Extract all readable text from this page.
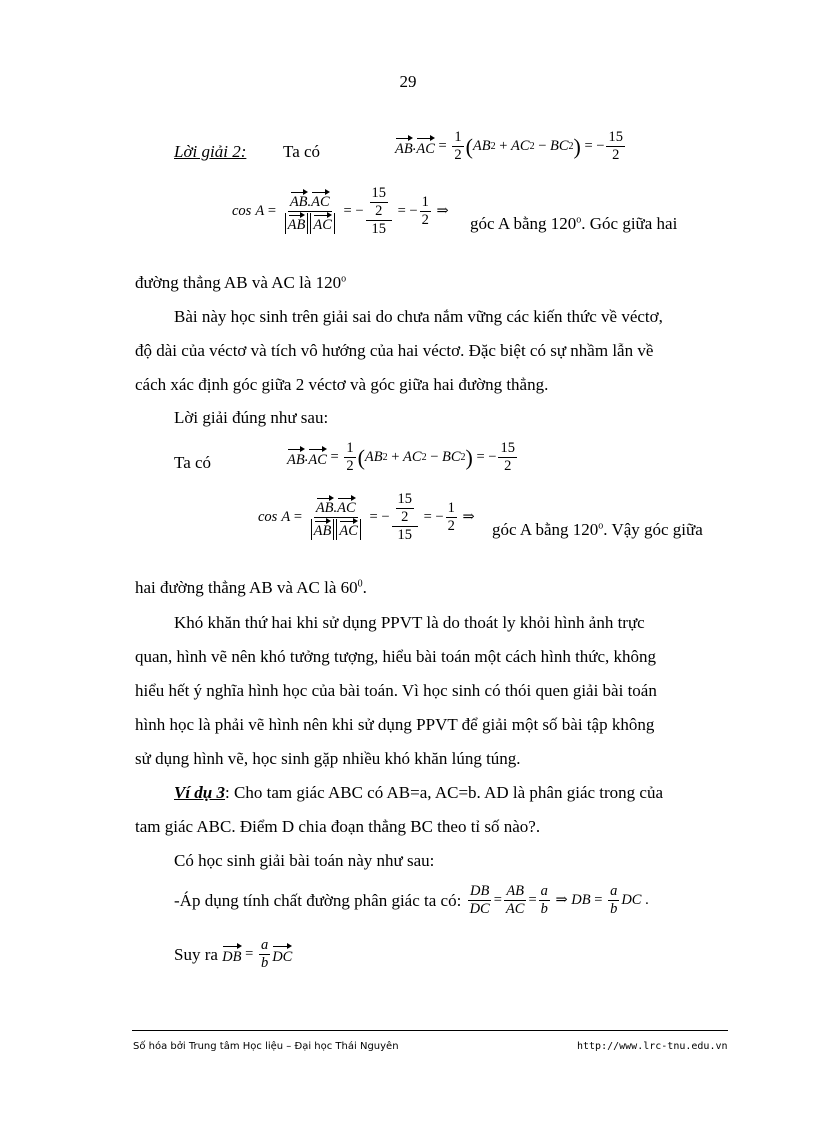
29
Lời giải 2: Ta có	AB . AC = $\frac{1}{2}$ ( AB 2 + AC 2 − BC 2 ) = − $\frac{15}{2}$
$\cos A = \frac{AB.AC}{\text{AB AC}}$ = − $\frac{\frac{15}{2}}{15}$ = − $\frac{1}{2}$ ⇒
góc A bằng 120$^o$. Góc giữa hai
đường thẳng AB và AC là 120$^o$
Bài này học sinh trên giải sai do chưa nắm vững các kiến thức về véctơ,
độ dài của véctơ và tích vô hướng của hai véctơ. Đặc biệt có sự nhầm lẫn về
cách xác định góc giữa 2 véctơ và góc giữa hai đường thẳng.
Lời giải đúng như sau:
Ta có	AB . AC = $\frac{1}{2}$ ( AB 2 + AC 2 − BC 2 ) = − $\frac{15}{2}$
$\cos A = \frac{AB.AC}{\text{AB AC}}$ = − $\frac{\frac{15}{2}}{15}$ = − $\frac{1}{2}$ ⇒
góc A bằng 120$^o$. Vậy góc giữa
hai đường thẳng AB và AC là $60^0$.
Khó khăn thứ hai khi sử dụng PPVT là do thoát ly khỏi hình ảnh trực
quan, hình vẽ nên khó tưởng tượng, hiểu bài toán một cách hình thức, không
hiểu hết ý nghĩa hình học của bài toán. Vì học sinh có thói quen giải bài toán
hình học là phải vẽ hình nên khi sử dụng PPVT để giải một số bài tập không
sử dụng hình vẽ, học sinh gặp nhiều khó khăn lúng túng.
Ví dụ 3: Cho tam giác ABC có AB=a, AC=b. AD là phân giác trong của
tam giác ABC. Điểm D chia đoạn thẳng BC theo tỉ số nào?.
Có học sinh giải bài toán này như sau:
-Áp dụng tính chất đường phân giác ta có: $\frac{DB}{DC} = \frac{AB}{AC} = \frac{a}{b}$ ⇒ DB = $\frac{a}{b}$ DC .
Suy ra DB = $\frac{a}{b}$ DC
Số hóa bởi Trung tâm Học liệu – Đại học Thái Nguyên	http://www.lrc-tnu.edu.vn
